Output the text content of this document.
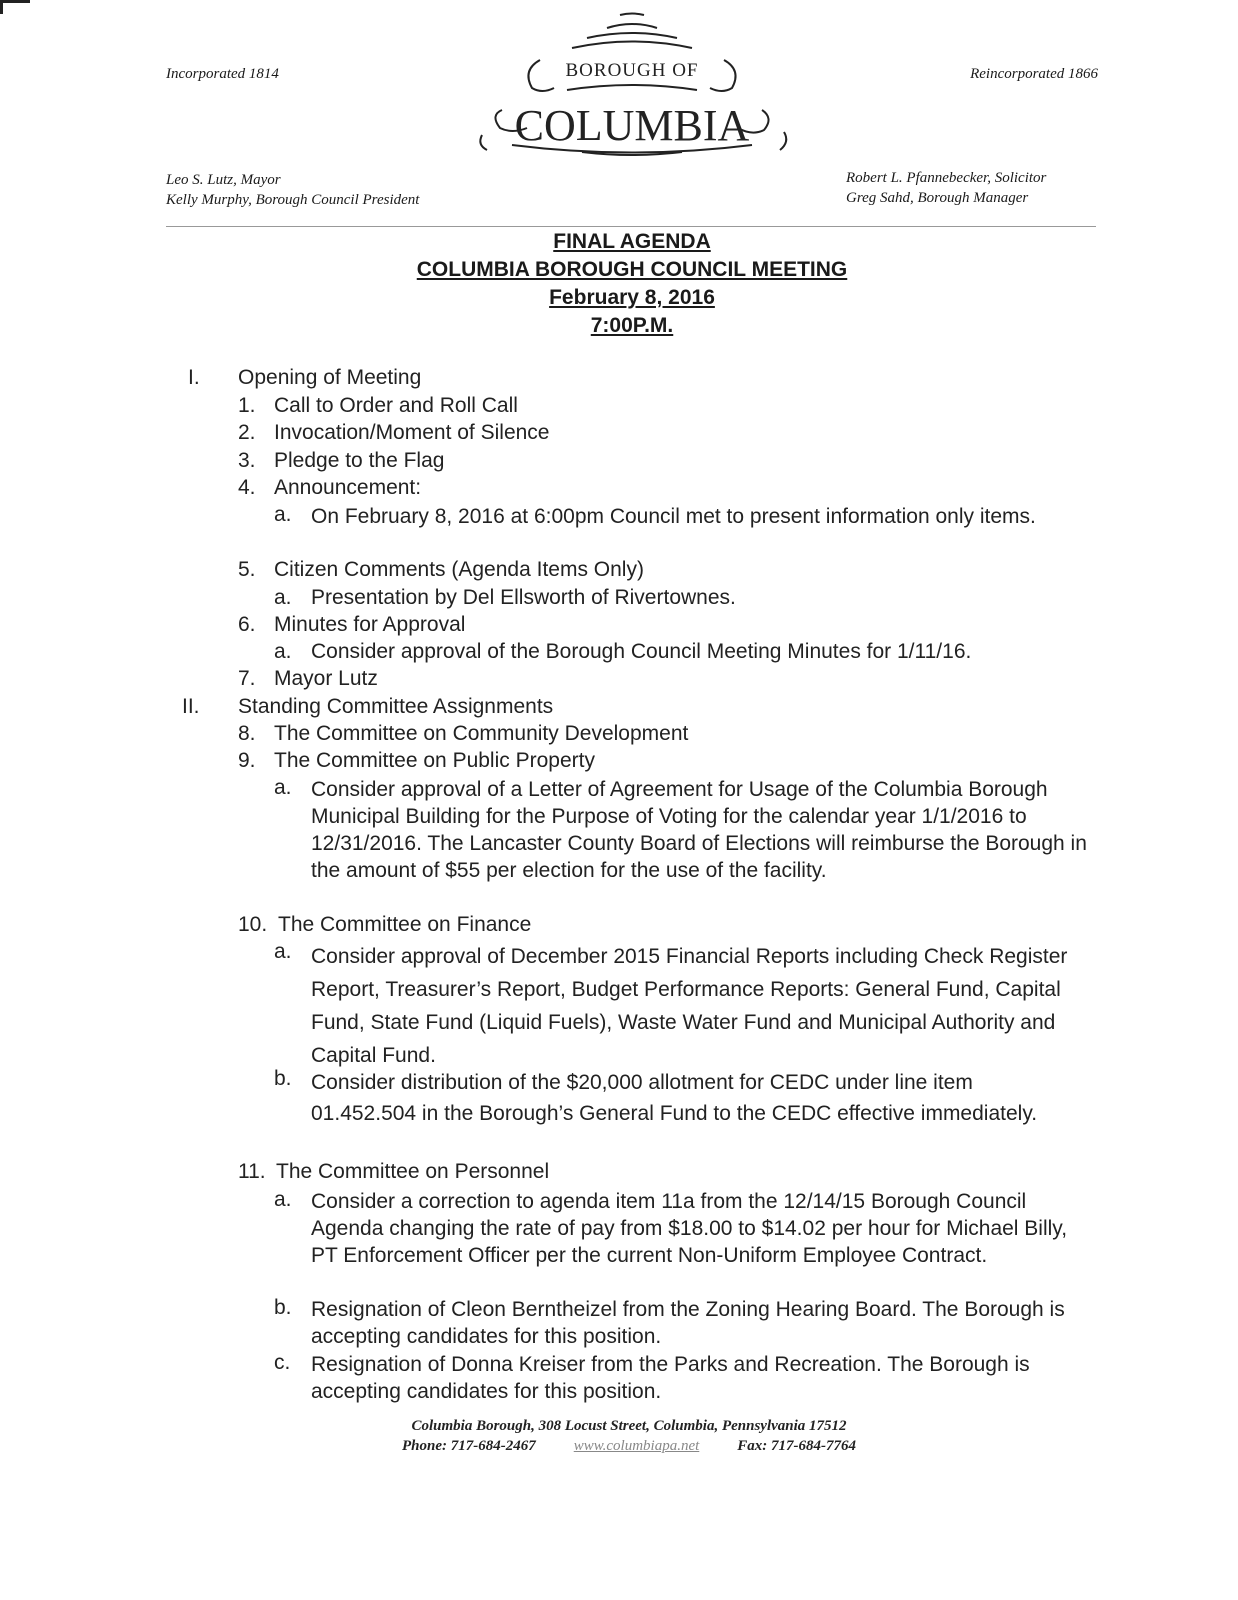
Incorporated 1814	Reincorporated 1866
BOROUGH OF
COLUMBIA
Leo S. Lutz, Mayor
Kelly Murphy, Borough Council President
Robert L. Pfannebecker, Solicitor
Greg Sahd, Borough Manager
FINAL AGENDA
COLUMBIA BOROUGH COUNCIL MEETING
February 8, 2016
7:00P.M.
I. Opening of Meeting
1. Call to Order and Roll Call
2. Invocation/Moment of Silence
3. Pledge to the Flag
4. Announcement:
a. On February 8, 2016 at 6:00pm Council met to present information only items.
5. Citizen Comments (Agenda Items Only)
a. Presentation by Del Ellsworth of Rivertownes.
6. Minutes for Approval
a. Consider approval of the Borough Council Meeting Minutes for 1/11/16.
7. Mayor Lutz
II. Standing Committee Assignments
8. The Committee on Community Development
9. The Committee on Public Property
a. Consider approval of a Letter of Agreement for Usage of the Columbia Borough Municipal Building for the Purpose of Voting for the calendar year 1/1/2016 to 12/31/2016. The Lancaster County Board of Elections will reimburse the Borough in the amount of $55 per election for the use of the facility.
10. The Committee on Finance
a. Consider approval of December 2015 Financial Reports including Check Register Report, Treasurer’s Report, Budget Performance Reports: General Fund, Capital Fund, State Fund (Liquid Fuels), Waste Water Fund and Municipal Authority and Capital Fund.
b. Consider distribution of the $20,000 allotment for CEDC under line item 01.452.504 in the Borough’s General Fund to the CEDC effective immediately.
11. The Committee on Personnel
a. Consider a correction to agenda item 11a from the 12/14/15 Borough Council Agenda changing the rate of pay from $18.00 to $14.02 per hour for Michael Billy, PT Enforcement Officer per the current Non-Uniform Employee Contract.
b. Resignation of Cleon Berntheizel from the Zoning Hearing Board. The Borough is accepting candidates for this position.
c. Resignation of Donna Kreiser from the Parks and Recreation. The Borough is accepting candidates for this position.
Columbia Borough, 308 Locust Street, Columbia, Pennsylvania 17512
Phone: 717-684-2467	www.columbiapa.net	Fax: 717-684-7764
